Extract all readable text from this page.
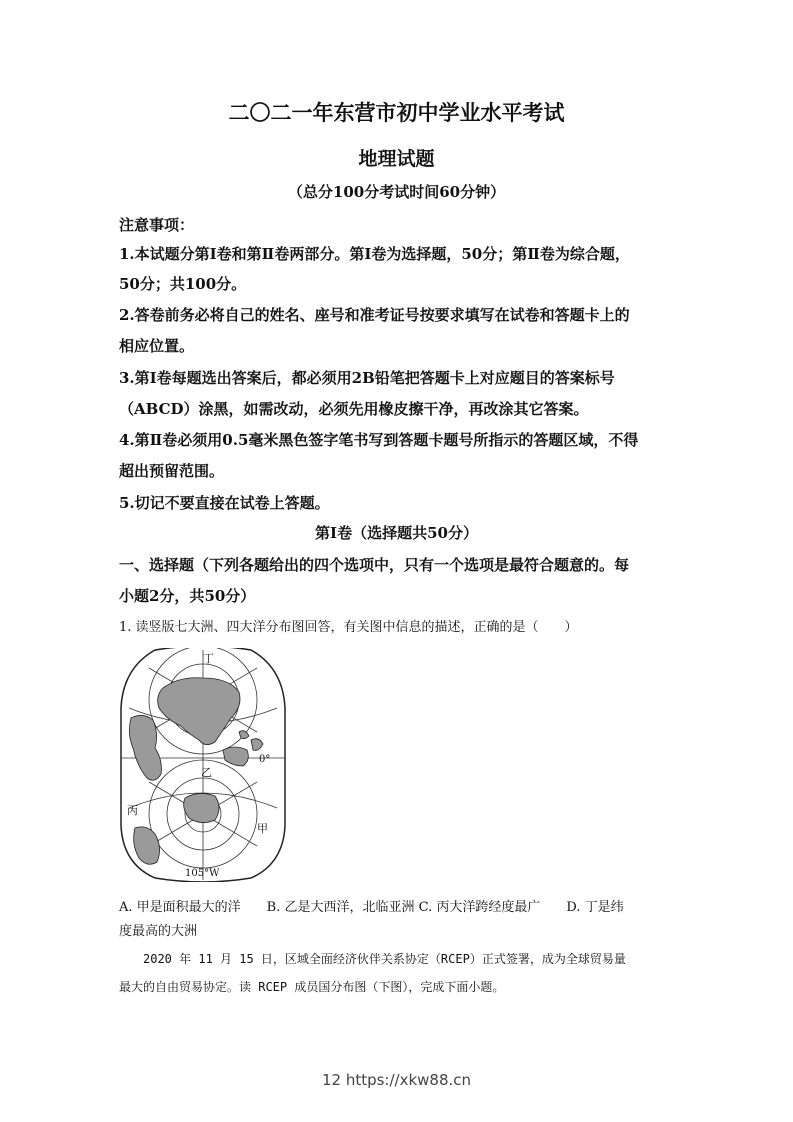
二〇二一年东营市初中学业水平考试
地理试题
（总分100分考试时间60分钟）
注意事项：
1.本试题分第Ⅰ卷和第Ⅱ卷两部分。第Ⅰ卷为选择题，50分；第Ⅱ卷为综合题，
50分；共100分。
2.答卷前务必将自己的姓名、座号和准考证号按要求填写在试卷和答题卡上的
相应位置。
3.第Ⅰ卷每题选出答案后，都必须用2B铅笔把答题卡上对应题目的答案标号
（ABCD）涂黑，如需改动，必须先用橡皮擦干净，再改涂其它答案。
4.第Ⅱ卷必须用0.5毫米黑色签字笔书写到答题卡题号所指示的答题区域，不得
超出预留范围。
5.切记不要直接在试卷上答题。
第Ⅰ卷（选择题共50分）
一、选择题（下列各题给出的四个选项中，只有一个选项是最符合题意的。每
小题2分，共50分）
1. 读竖版七大洲、四大洋分布图回答，有关图中信息的描述，正确的是（　　）
乙
丙
甲
丁
0°
105°W
A. 甲是面积最大的洋　　B. 乙是大西洋，北临亚洲 C. 丙大洋跨经度最广　　D. 丁是纬
度最高的大洲
　　2020 年 11 月 15 日，区域全面经济伙伴关系协定（RCEP）正式签署，成为全球贸易量
最大的自由贸易协定。读 RCEP 成员国分布图（下图），完成下面小题。
12 https://xkw88.cn
